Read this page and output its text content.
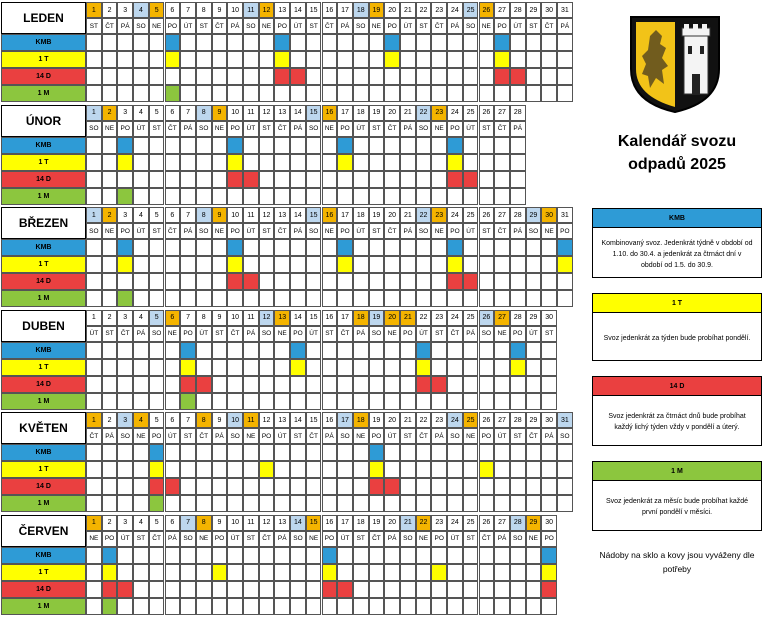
LEDEN
1
ST
2
ČT
3
PÁ
4
SO
5
NE
6
PO
7
ÚT
8
ST
9
ČT
10
PÁ
11
SO
12
NE
13
PO
14
ÚT
15
ST
16
ČT
17
PÁ
18
SO
19
NE
20
PO
21
ÚT
22
ST
23
ČT
24
PÁ
25
SO
26
NE
27
PO
28
ÚT
29
ST
30
ČT
31
PÁ
KMB
1 T
14 D
1 M
ÚNOR
1
SO
2
NE
3
PO
4
ÚT
5
ST
6
ČT
7
PÁ
8
SO
9
NE
10
PO
11
ÚT
12
ST
13
ČT
14
PÁ
15
SO
16
NE
17
PO
18
ÚT
19
ST
20
ČT
21
PÁ
22
SO
23
NE
24
PO
25
ÚT
26
ST
27
ČT
28
PÁ
KMB
1 T
14 D
1 M
BŘEZEN
1
SO
2
NE
3
PO
4
ÚT
5
ST
6
ČT
7
PÁ
8
SO
9
NE
10
PO
11
ÚT
12
ST
13
ČT
14
PÁ
15
SO
16
NE
17
PO
18
ÚT
19
ST
20
ČT
21
PÁ
22
SO
23
NE
24
PO
25
ÚT
26
ST
27
ČT
28
PÁ
29
SO
30
NE
31
PO
KMB
1 T
14 D
1 M
DUBEN
1
ÚT
2
ST
3
ČT
4
PÁ
5
SO
6
NE
7
PO
8
ÚT
9
ST
10
ČT
11
PÁ
12
SO
13
NE
14
PO
15
ÚT
16
ST
17
ČT
18
PÁ
19
SO
20
NE
21
PO
22
ÚT
23
ST
24
ČT
25
PÁ
26
SO
27
NE
28
PO
29
ÚT
30
ST
KMB
1 T
14 D
1 M
KVĚTEN
1
ČT
2
PÁ
3
SO
4
NE
5
PO
6
ÚT
7
ST
8
ČT
9
PÁ
10
SO
11
NE
12
PO
13
ÚT
14
ST
15
ČT
16
PÁ
17
SO
18
NE
19
PO
20
ÚT
21
ST
22
ČT
23
PÁ
24
SO
25
NE
26
PO
27
ÚT
28
ST
29
ČT
30
PÁ
31
SO
KMB
1 T
14 D
1 M
ČERVEN
1
NE
2
PO
3
ÚT
4
ST
5
ČT
6
PÁ
7
SO
8
NE
9
PO
10
ÚT
11
ST
12
ČT
13
PÁ
14
SO
15
NE
16
PO
17
ÚT
18
ST
19
ČT
20
PÁ
21
SO
22
NE
23
PO
24
ÚT
25
ST
26
ČT
27
PÁ
28
SO
29
NE
30
PO
KMB
1 T
14 D
1 M
Kalendář svozu
odpadů 2025
KMB
Kombinovaný svoz. Jedenkrát týdně v období od 1.10. do 30.4. a jedenkrát za čtrnáct dní v období od 1.5. do 30.9.
1 T
Svoz jedenkrát za týden bude probíhat pondělí.
14 D
Svoz jedenkrát za čtrnáct dnů bude probíhat každý lichý týden vždy v pondělí a úterý.
1 M
Svoz jedenkrát za měsíc bude probíhat každé první pondělí v měsíci.
Nádoby na sklo a kovy jsou vyváženy dle potřeby
